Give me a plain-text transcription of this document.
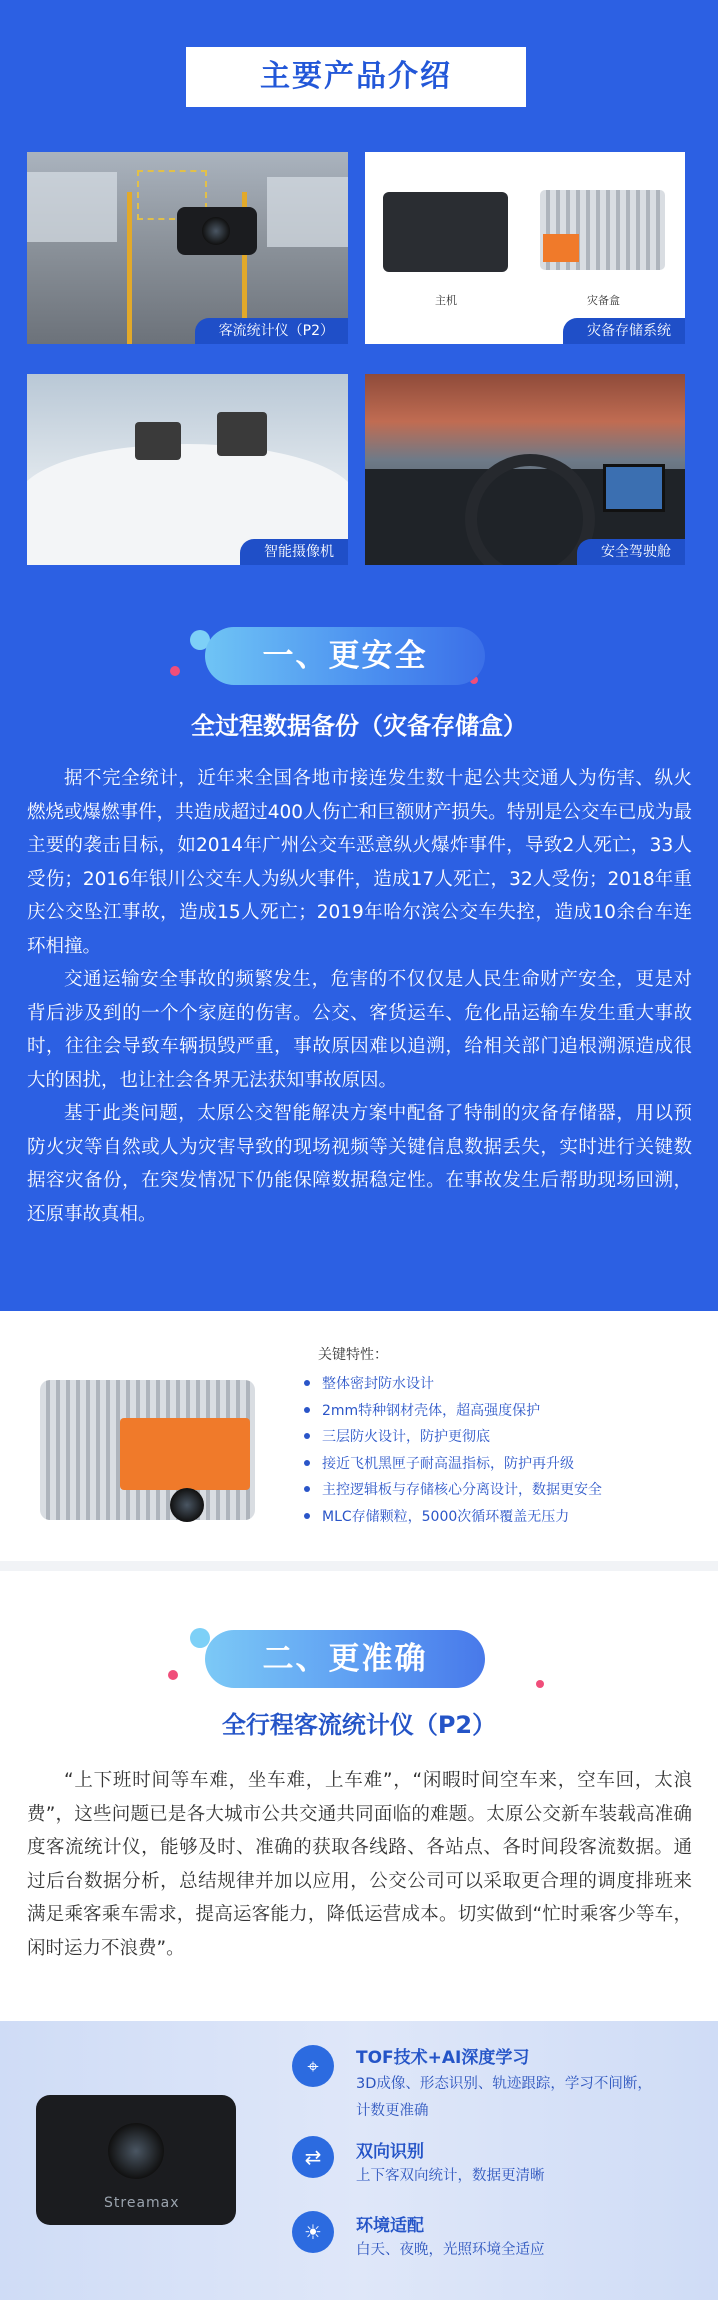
主要产品介绍
客流统计仪（P2）
主机	灾备盒
灾备存储系统
智能摄像机	安全驾驶舱
一、更安全
全过程数据备份（灾备存储盒）

据不完全统计，近年来全国各地市接连发生数十起公共交通人为伤害、纵火燃烧或爆燃事件，共造成超过400人伤亡和巨额财产损失。特别是公交车已成为最主要的袭击目标，如2014年广州公交车恶意纵火爆炸事件，导致2人死亡，33人受伤；2016年银川公交车人为纵火事件，造成17人死亡，32人受伤；2018年重庆公交坠江事故，造成15人死亡；2019年哈尔滨公交车失控，造成10余台车连环相撞。

交通运输安全事故的频繁发生，危害的不仅仅是人民生命财产安全，更是对背后涉及到的一个个家庭的伤害。公交、客货运车、危化品运输车发生重大事故时，往往会导致车辆损毁严重，事故原因难以追溯，给相关部门追根溯源造成很大的困扰，也让社会各界无法获知事故原因。

基于此类问题，太原公交智能解决方案中配备了特制的灾备存储器，用以预防火灾等自然或人为灾害导致的现场视频等关键信息数据丢失，实时进行关键数据容灾备份，在突发情况下仍能保障数据稳定性。在事故发生后帮助现场回溯，还原事故真相。

关键特性：
整体密封防水设计
2mm特种钢材壳体，超高强度保护
三层防火设计，防护更彻底
接近飞机黑匣子耐高温指标，防护再升级
主控逻辑板与存储核心分离设计，数据更安全
MLC存储颗粒，5000次循环覆盖无压力
二、更准确
全行程客流统计仪（P2）

“上下班时间等车难，坐车难，上车难”，“闲暇时间空车来，空车回，太浪费”，这些问题已是各大城市公共交通共同面临的难题。太原公交新车装载高准确度客流统计仪，能够及时、准确的获取各线路、各站点、各时间段客流数据。通过后台数据分析，总结规律并加以应用，公交公司可以采取更合理的调度排班来满足乘客乘车需求，提高运客能力，降低运营成本。切实做到“忙时乘客少等车，闲时运力不浪费”。

Streamax
⌖	TOF技术+AI深度学习
3D成像、形态识别、轨迹跟踪，学习不间断，
计数更准确
⇄	双向识别
上下客双向统计，数据更清晰
☀	环境适配
白天、夜晚，光照环境全适应
